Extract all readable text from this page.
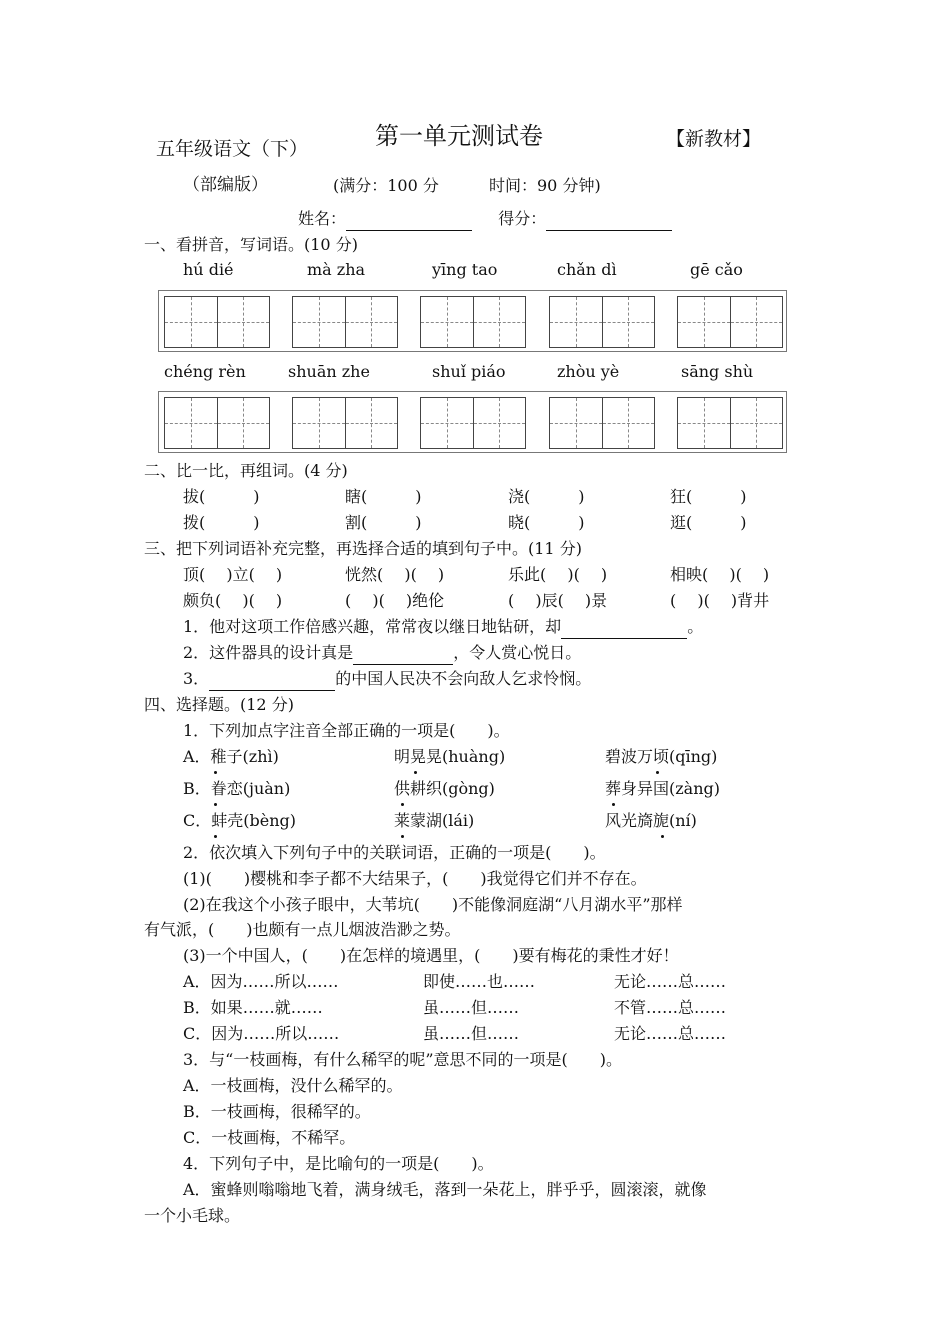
第一单元测试卷
五年级语文（下）	【新教材】
（部编版）	(满分：100 分	时间：90 分钟)
姓名：	得分：
一、看拼音，写词语。(10 分)
hú dié	mà zha	yīng tao	chǎn dì	gē cǎo
chéng rèn	shuān zhe	shuǐ piáo	zhòu yè	sāng shù
二、比一比，再组词。(4 分)
拔(　　　)	瞎(　　　)	浇(　　　)	狂(　　　)
拨(　　　)	割(　　　)	晓(　　　)	逛(　　　)
三、把下列词语补充完整，再选择合适的填到句子中。(11 分)
顶(　 )立(　 )	恍然(　 )(　 )	乐此(　 )(　 )	相映(　 )(　 )
颇负(　 )(　 )	(　 )(　 )绝伦	(　 )辰(　 )景	(　 )(　 )背井
1．他对这项工作倍感兴趣，常常夜以继日地钻研，却	。
2．这件器具的设计真是	，令人赏心悦日。
3．	的中国人民决不会向敌人乞求怜悯。
四、选择题。(12 分)
1．下列加点字注音全部正确的一项是(　　)。
A．稚子(zhì)	明晃晃(huàng)	碧波万顷(qīng)
B．眷恋(juàn)	供耕织(gòng)	葬身异国(zàng)
C．蚌壳(bèng)	莱蒙湖(lái)	风光旖旎(ní)
2．依次填入下列句子中的关联词语，正确的一项是(　　)。
(1)(　　)樱桃和李子都不大结果子，(　　)我觉得它们并不存在。
(2)在我这个小孩子眼中，大苇坑(　　)不能像洞庭湖“八月湖水平”那样
有气派，(　　)也颇有一点儿烟波浩渺之势。
(3)一个中国人，(　　)在怎样的境遇里，(　　)要有梅花的秉性才好！
A．因为……所以……	即使……也……	无论……总……
B．如果……就……	虽……但……	不管……总……
C．因为……所以……	虽……但……	无论……总……
3．与“一枝画梅，有什么稀罕的呢”意思不同的一项是(　　)。
A．一枝画梅，没什么稀罕的。
B．一枝画梅，很稀罕的。
C．一枝画梅，不稀罕。
4．下列句子中，是比喻句的一项是(　　)。
A．蜜蜂则嗡嗡地飞着，满身绒毛，落到一朵花上，胖乎乎，圆滚滚，就像
一个小毛球。
